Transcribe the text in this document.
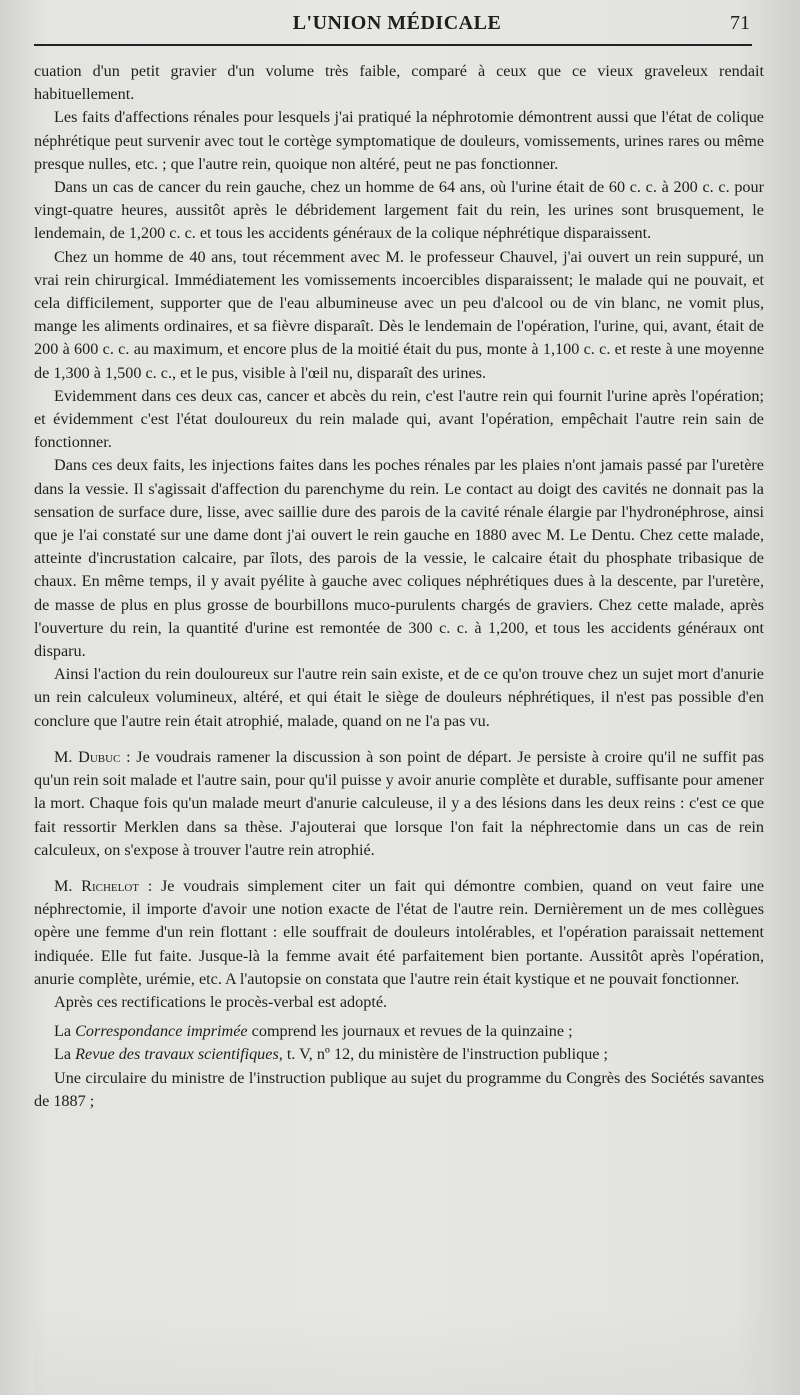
L'UNION MÉDICALE	71

cuation d'un petit gravier d'un volume très faible, comparé à ceux que ce vieux graveleux rendait habituellement.

Les faits d'affections rénales pour lesquels j'ai pratiqué la néphrotomie démontrent aussi que l'état de colique néphrétique peut survenir avec tout le cortège symptomatique de douleurs, vomissements, urines rares ou même presque nulles, etc. ; que l'autre rein, quoique non altéré, peut ne pas fonctionner.

Dans un cas de cancer du rein gauche, chez un homme de 64 ans, où l'urine était de 60 c. c. à 200 c. c. pour vingt-quatre heures, aussitôt après le débridement largement fait du rein, les urines sont brusquement, le lendemain, de 1,200 c. c. et tous les accidents généraux de la colique néphrétique disparaissent.

Chez un homme de 40 ans, tout récemment avec M. le professeur Chauvel, j'ai ouvert un rein suppuré, un vrai rein chirurgical. Immédiatement les vomissements incoercibles disparaissent; le malade qui ne pouvait, et cela difficilement, supporter que de l'eau albumineuse avec un peu d'alcool ou de vin blanc, ne vomit plus, mange les aliments ordinaires, et sa fièvre disparaît. Dès le lendemain de l'opération, l'urine, qui, avant, était de 200 à 600 c. c. au maximum, et encore plus de la moitié était du pus, monte à 1,100 c. c. et reste à une moyenne de 1,300 à 1,500 c. c., et le pus, visible à l'œil nu, disparaît des urines.

Evidemment dans ces deux cas, cancer et abcès du rein, c'est l'autre rein qui fournit l'urine après l'opération; et évidemment c'est l'état douloureux du rein malade qui, avant l'opération, empêchait l'autre rein sain de fonctionner.

Dans ces deux faits, les injections faites dans les poches rénales par les plaies n'ont jamais passé par l'uretère dans la vessie. Il s'agissait d'affection du parenchyme du rein. Le contact au doigt des cavités ne donnait pas la sensation de surface dure, lisse, avec saillie dure des parois de la cavité rénale élargie par l'hydronéphrose, ainsi que je l'ai constaté sur une dame dont j'ai ouvert le rein gauche en 1880 avec M. Le Dentu. Chez cette malade, atteinte d'incrustation calcaire, par îlots, des parois de la vessie, le calcaire était du phosphate tribasique de chaux. En même temps, il y avait pyélite à gauche avec coliques néphrétiques dues à la descente, par l'uretère, de masse de plus en plus grosse de bourbillons muco-purulents chargés de graviers. Chez cette malade, après l'ouverture du rein, la quantité d'urine est remontée de 300 c. c. à 1,200, et tous les accidents généraux ont disparu.

Ainsi l'action du rein douloureux sur l'autre rein sain existe, et de ce qu'on trouve chez un sujet mort d'anurie un rein calculeux volumineux, altéré, et qui était le siège de douleurs néphrétiques, il n'est pas possible d'en conclure que l'autre rein était atrophié, malade, quand on ne l'a pas vu.

M. Dubuc : Je voudrais ramener la discussion à son point de départ. Je persiste à croire qu'il ne suffit pas qu'un rein soit malade et l'autre sain, pour qu'il puisse y avoir anurie complète et durable, suffisante pour amener la mort. Chaque fois qu'un malade meurt d'anurie calculeuse, il y a des lésions dans les deux reins : c'est ce que fait ressortir Merklen dans sa thèse. J'ajouterai que lorsque l'on fait la néphrectomie dans un cas de rein calculeux, on s'expose à trouver l'autre rein atrophié.

M. Richelot : Je voudrais simplement citer un fait qui démontre combien, quand on veut faire une néphrectomie, il importe d'avoir une notion exacte de l'état de l'autre rein. Dernièrement un de mes collègues opère une femme d'un rein flottant : elle souffrait de douleurs intolérables, et l'opération paraissait nettement indiquée. Elle fut faite. Jusque-là la femme avait été parfaitement bien portante. Aussitôt après l'opération, anurie complète, urémie, etc. A l'autopsie on constata que l'autre rein était kystique et ne pouvait fonctionner.

Après ces rectifications le procès-verbal est adopté.

La Correspondance imprimée comprend les journaux et revues de la quinzaine ;

La Revue des travaux scientifiques, t. V, nº 12, du ministère de l'instruction publique ;

Une circulaire du ministre de l'instruction publique au sujet du programme du Congrès des Sociétés savantes de 1887 ;
